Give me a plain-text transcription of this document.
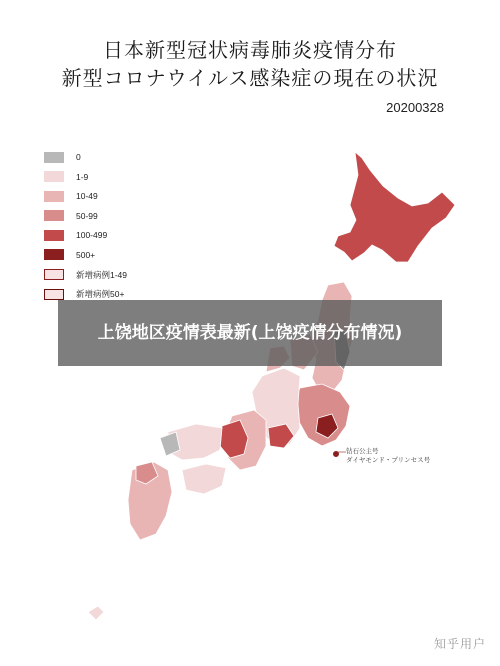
日本新型冠状病毒肺炎疫情分布
新型コロナウイルス感染症の現在の状況
20200328
0
1-9
10-49
50-99
100-499
500+
新增病例1-49
新增病例50+
钻石公主号
ダイヤモンド・プリンセス号
上饶地区疫情表最新(上饶疫情分布情况)
知乎用户
